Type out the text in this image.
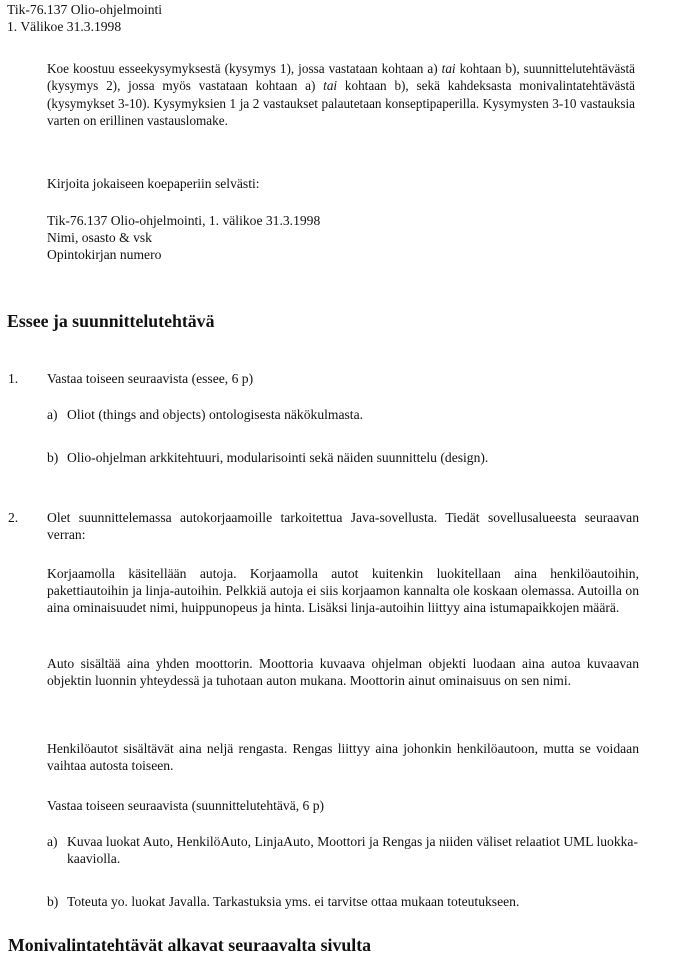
Tik-76.137 Olio-ohjelmointi
1. Välikoe 31.3.1998
Koe koostuu esseekysymyksestä (kysymys 1), jossa vastataan kohtaan a) tai kohtaan b), suunnittelutehtävästä (kysymys 2), jossa myös vastataan kohtaan a) tai kohtaan b), sekä kahdeksasta monivalintatehtävästä (kysymykset 3-10). Kysymyksien 1 ja 2 vastaukset palautetaan konseptipaperilla. Kysymysten 3-10 vastauksia varten on erillinen vastauslomake.
Kirjoita jokaiseen koepaperiin selvästi:
Tik-76.137 Olio-ohjelmointi, 1. välikoe 31.3.1998
Nimi, osasto & vsk
Opintokirjan numero
Essee ja suunnittelutehtävä
1. Vastaa toiseen seuraavista (essee, 6 p)
a) Oliot (things and objects) ontologisesta näkökulmasta.
b) Olio-ohjelman arkkitehtuuri, modularisointi sekä näiden suunnittelu (design).
2. Olet suunnittelemassa autokorjaamoille tarkoitettua Java-sovellusta. Tiedät sovellusalueesta seuraavan verran:
Korjaamolla käsitellään autoja. Korjaamolla autot kuitenkin luokitellaan aina henkilöautoihin, pakettiautoihin ja linja-autoihin. Pelkkiä autoja ei siis korjaamon kannalta ole koskaan olemassa. Autoilla on aina ominaisuudet nimi, huippunopeus ja hinta. Lisäksi linja-autoihin liittyy aina istumapaikkojen määrä.
Auto sisältää aina yhden moottorin. Moottoria kuvaava ohjelman objekti luodaan aina autoa kuvaavan objektin luonnin yhteydessä ja tuhotaan auton mukana. Moottorin ainut ominaisuus on sen nimi.
Henkilöautot sisältävät aina neljä rengasta. Rengas liittyy aina johonkin henkilöautoon, mutta se voidaan vaihtaa autosta toiseen.
Vastaa toiseen seuraavista (suunnittelutehtävä, 6 p)
a) Kuvaa luokat Auto, HenkilöAuto, LinjaAuto, Moottori ja Rengas ja niiden väliset relaatiot UML luokka-kaaviolla.
b) Toteuta yo. luokat Javalla. Tarkastuksia yms. ei tarvitse ottaa mukaan toteutukseen.
Monivalintatehtävät alkavat seuraavalta sivulta
